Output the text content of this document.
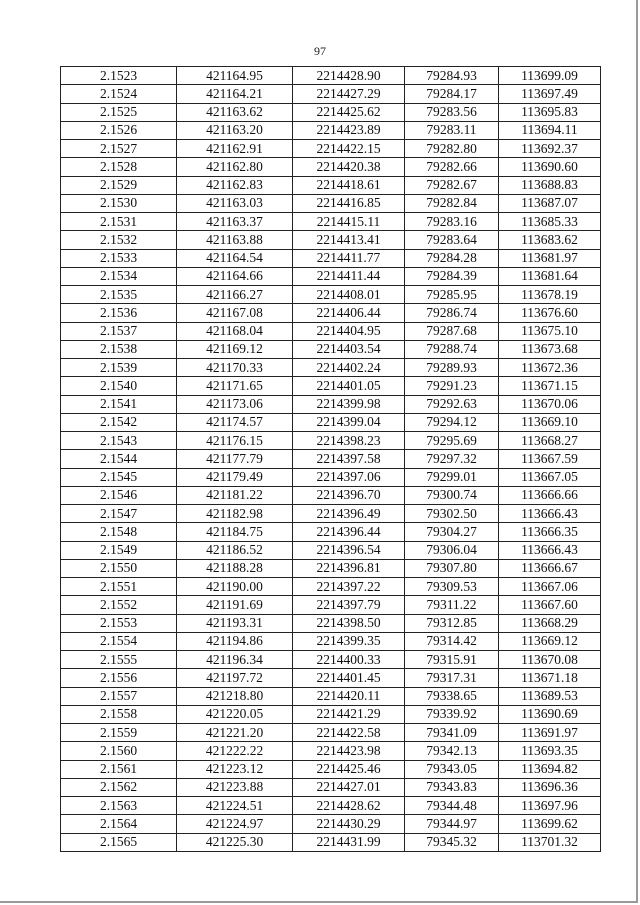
97
2.1523	421164.95	2214428.90	79284.93	113699.09
2.1524	421164.21	2214427.29	79284.17	113697.49
2.1525	421163.62	2214425.62	79283.56	113695.83
2.1526	421163.20	2214423.89	79283.11	113694.11
2.1527	421162.91	2214422.15	79282.80	113692.37
2.1528	421162.80	2214420.38	79282.66	113690.60
2.1529	421162.83	2214418.61	79282.67	113688.83
2.1530	421163.03	2214416.85	79282.84	113687.07
2.1531	421163.37	2214415.11	79283.16	113685.33
2.1532	421163.88	2214413.41	79283.64	113683.62
2.1533	421164.54	2214411.77	79284.28	113681.97
2.1534	421164.66	2214411.44	79284.39	113681.64
2.1535	421166.27	2214408.01	79285.95	113678.19
2.1536	421167.08	2214406.44	79286.74	113676.60
2.1537	421168.04	2214404.95	79287.68	113675.10
2.1538	421169.12	2214403.54	79288.74	113673.68
2.1539	421170.33	2214402.24	79289.93	113672.36
2.1540	421171.65	2214401.05	79291.23	113671.15
2.1541	421173.06	2214399.98	79292.63	113670.06
2.1542	421174.57	2214399.04	79294.12	113669.10
2.1543	421176.15	2214398.23	79295.69	113668.27
2.1544	421177.79	2214397.58	79297.32	113667.59
2.1545	421179.49	2214397.06	79299.01	113667.05
2.1546	421181.22	2214396.70	79300.74	113666.66
2.1547	421182.98	2214396.49	79302.50	113666.43
2.1548	421184.75	2214396.44	79304.27	113666.35
2.1549	421186.52	2214396.54	79306.04	113666.43
2.1550	421188.28	2214396.81	79307.80	113666.67
2.1551	421190.00	2214397.22	79309.53	113667.06
2.1552	421191.69	2214397.79	79311.22	113667.60
2.1553	421193.31	2214398.50	79312.85	113668.29
2.1554	421194.86	2214399.35	79314.42	113669.12
2.1555	421196.34	2214400.33	79315.91	113670.08
2.1556	421197.72	2214401.45	79317.31	113671.18
2.1557	421218.80	2214420.11	79338.65	113689.53
2.1558	421220.05	2214421.29	79339.92	113690.69
2.1559	421221.20	2214422.58	79341.09	113691.97
2.1560	421222.22	2214423.98	79342.13	113693.35
2.1561	421223.12	2214425.46	79343.05	113694.82
2.1562	421223.88	2214427.01	79343.83	113696.36
2.1563	421224.51	2214428.62	79344.48	113697.96
2.1564	421224.97	2214430.29	79344.97	113699.62
2.1565	421225.30	2214431.99	79345.32	113701.32
